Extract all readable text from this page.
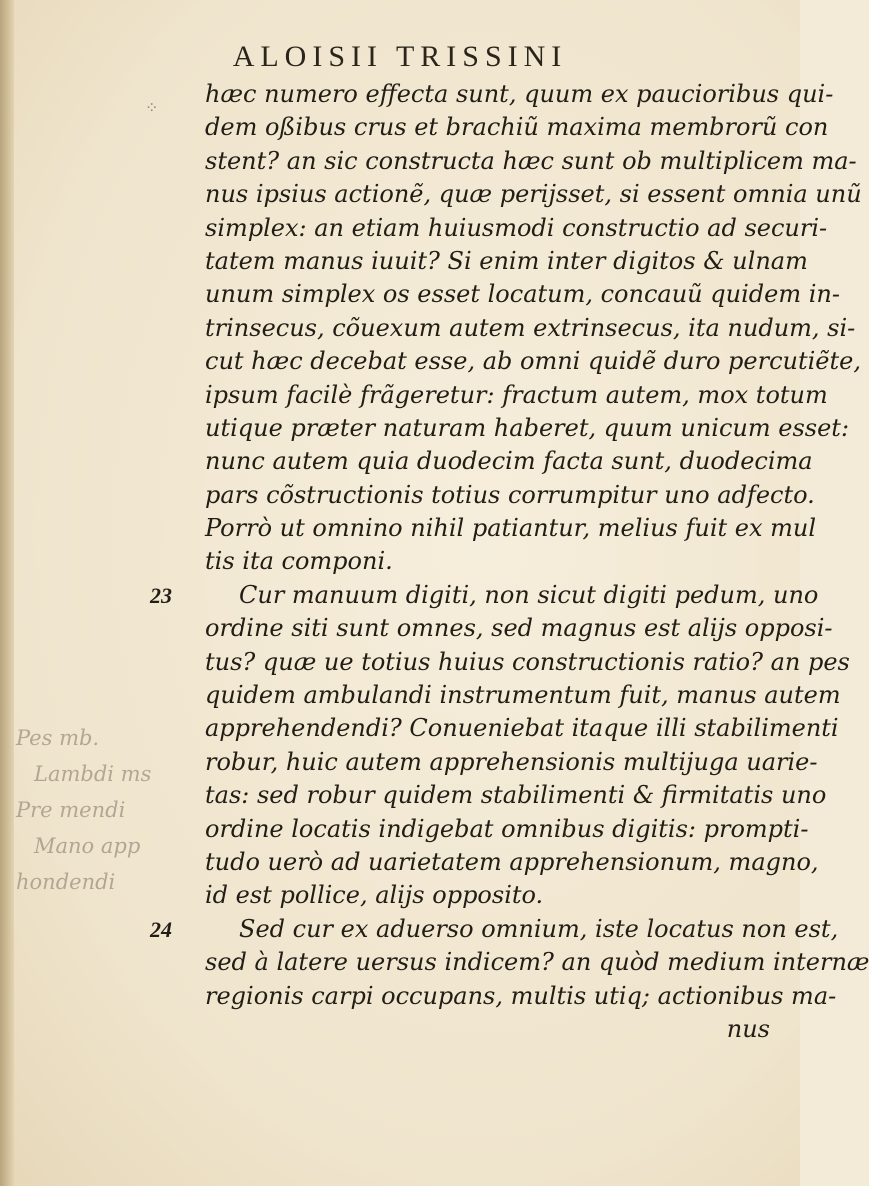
ALOISII TRISSINI
⁘ hæc numero effecta sunt, quum ex paucioribus qui-
dem oßibus crus et brachiũ maxima membrorũ con
stent? an sic constructa hæc sunt ob multiplicem ma-
nus ipsius actionẽ, quæ perijsset, si essent omnia unũ
simplex: an etiam huiusmodi constructio ad securi-
tatem manus iuuit? Si enim inter digitos & ulnam
unum simplex os esset locatum, concauũ quidem in-
trinsecus, cõuexum autem extrinsecus, ita nudum, si-
cut hæc decebat esse, ab omni quidẽ duro percutiẽte,
ipsum facilè frãgeretur: fractum autem, mox totum
utique præter naturam haberet, quum unicum esset:
nunc autem quia duodecim facta sunt, duodecima
pars cõstructionis totius corrumpitur uno adfecto.
Porrò ut omnino nihil patiantur, melius fuit ex mul
tis ita componi.
Cur manuum digiti, non sicut digiti pedum, uno
ordine siti sunt omnes, sed magnus est alijs opposi-
tus? quæ ue totius huius constructionis ratio? an pes
quidem ambulandi instrumentum fuit, manus autem
apprehendendi? Conueniebat itaque illi stabilimenti
robur, huic autem apprehensionis multijuga uarie-
tas: sed robur quidem stabilimenti & firmitatis uno
ordine locatis indigebat omnibus digitis: prompti-
tudo uerò ad uarietatem apprehensionum, magno,
id est pollice, alijs opposito.
Sed cur ex aduerso omnium, iste locatus non est,
sed à latere uersus indicem? an quòd medium internæ
regionis carpi occupans, multis utiq; actionibus ma-
nus
Pes mb.
Lambdi ms
Pre mendi
Mano app
hondendi
23
24
